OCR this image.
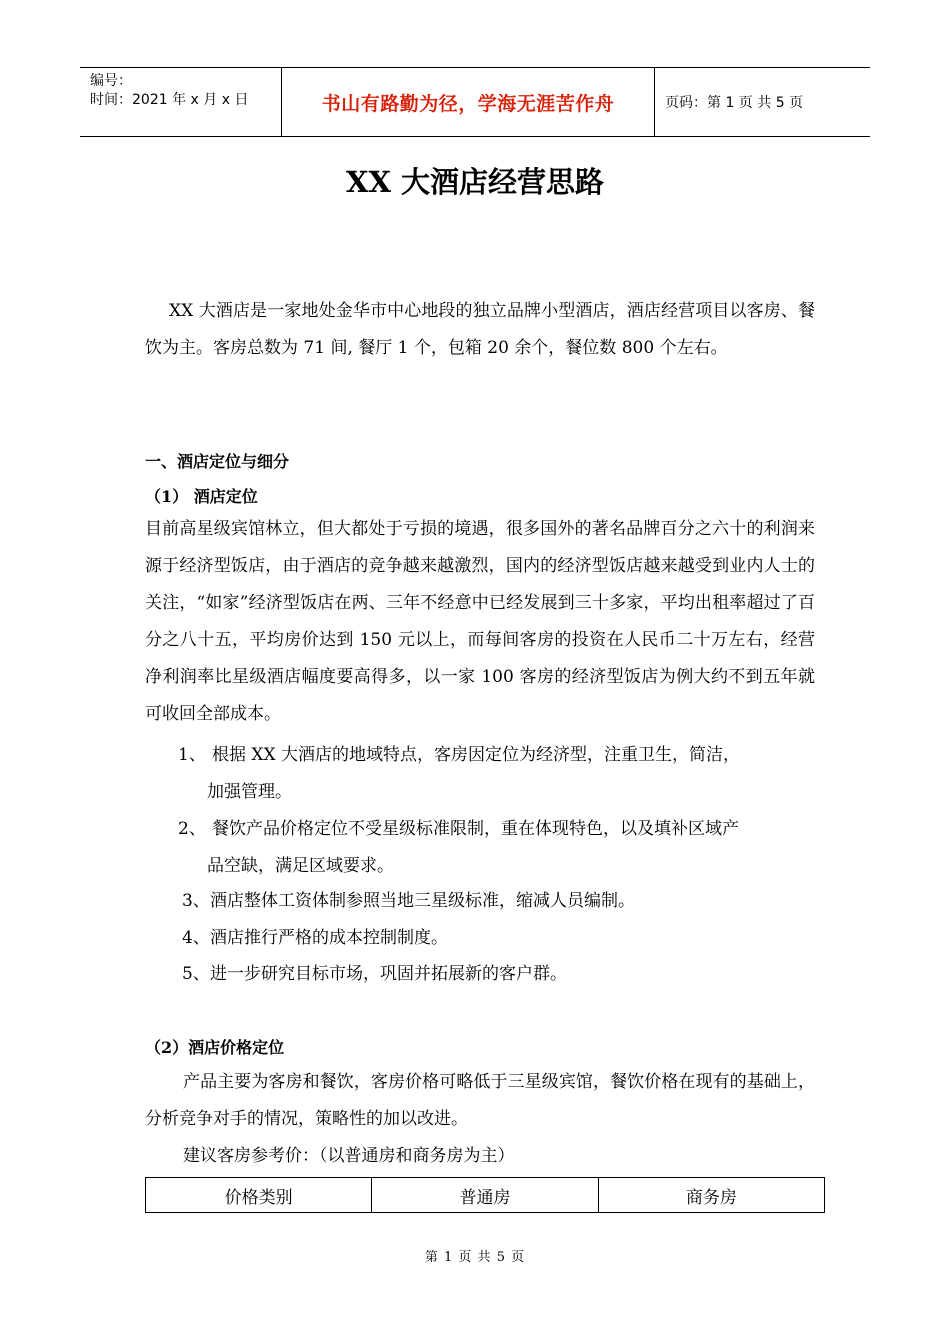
编号：
时间：2021 年 x 月 x 日	书山有路勤为径，学海无涯苦作舟	页码：第 1 页 共 5 页
XX 大酒店经营思路
XX 大酒店是一家地处金华市中心地段的独立品牌小型酒店，酒店经营项目以客房、餐饮为主。客房总数为 71 间, 餐厅 1 个，包箱 20 余个，餐位数 800 个左右。
一、酒店定位与细分
（1） 酒店定位
目前高星级宾馆林立，但大都处于亏损的境遇，很多国外的著名品牌百分之六十的利润来源于经济型饭店，由于酒店的竞争越来越激烈，国内的经济型饭店越来越受到业内人士的关注，“如家”经济型饭店在两、三年不经意中已经发展到三十多家，平均出租率超过了百分之八十五，平均房价达到 150 元以上，而每间客房的投资在人民币二十万左右，经营净利润率比星级酒店幅度要高得多，以一家 100 客房的经济型饭店为例大约不到五年就可收回全部成本。
1、 根据 XX 大酒店的地域特点，客房因定位为经济型，注重卫生，简洁，
加强管理。
2、 餐饮产品价格定位不受星级标准限制，重在体现特色，以及填补区域产
品空缺，满足区域要求。
3、 酒店整体工资体制参照当地三星级标准，缩减人员编制。
4、 酒店推行严格的成本控制制度。
5、 进一步研究目标市场，巩固并拓展新的客户群。
（2）酒店价格定位
产品主要为客房和餐饮，客房价格可略低于三星级宾馆，餐饮价格在现有的基础上，分析竞争对手的情况，策略性的加以改进。
建议客房参考价：（以普通房和商务房为主）
价格类别	普通房	商务房
第 1 页 共 5 页
